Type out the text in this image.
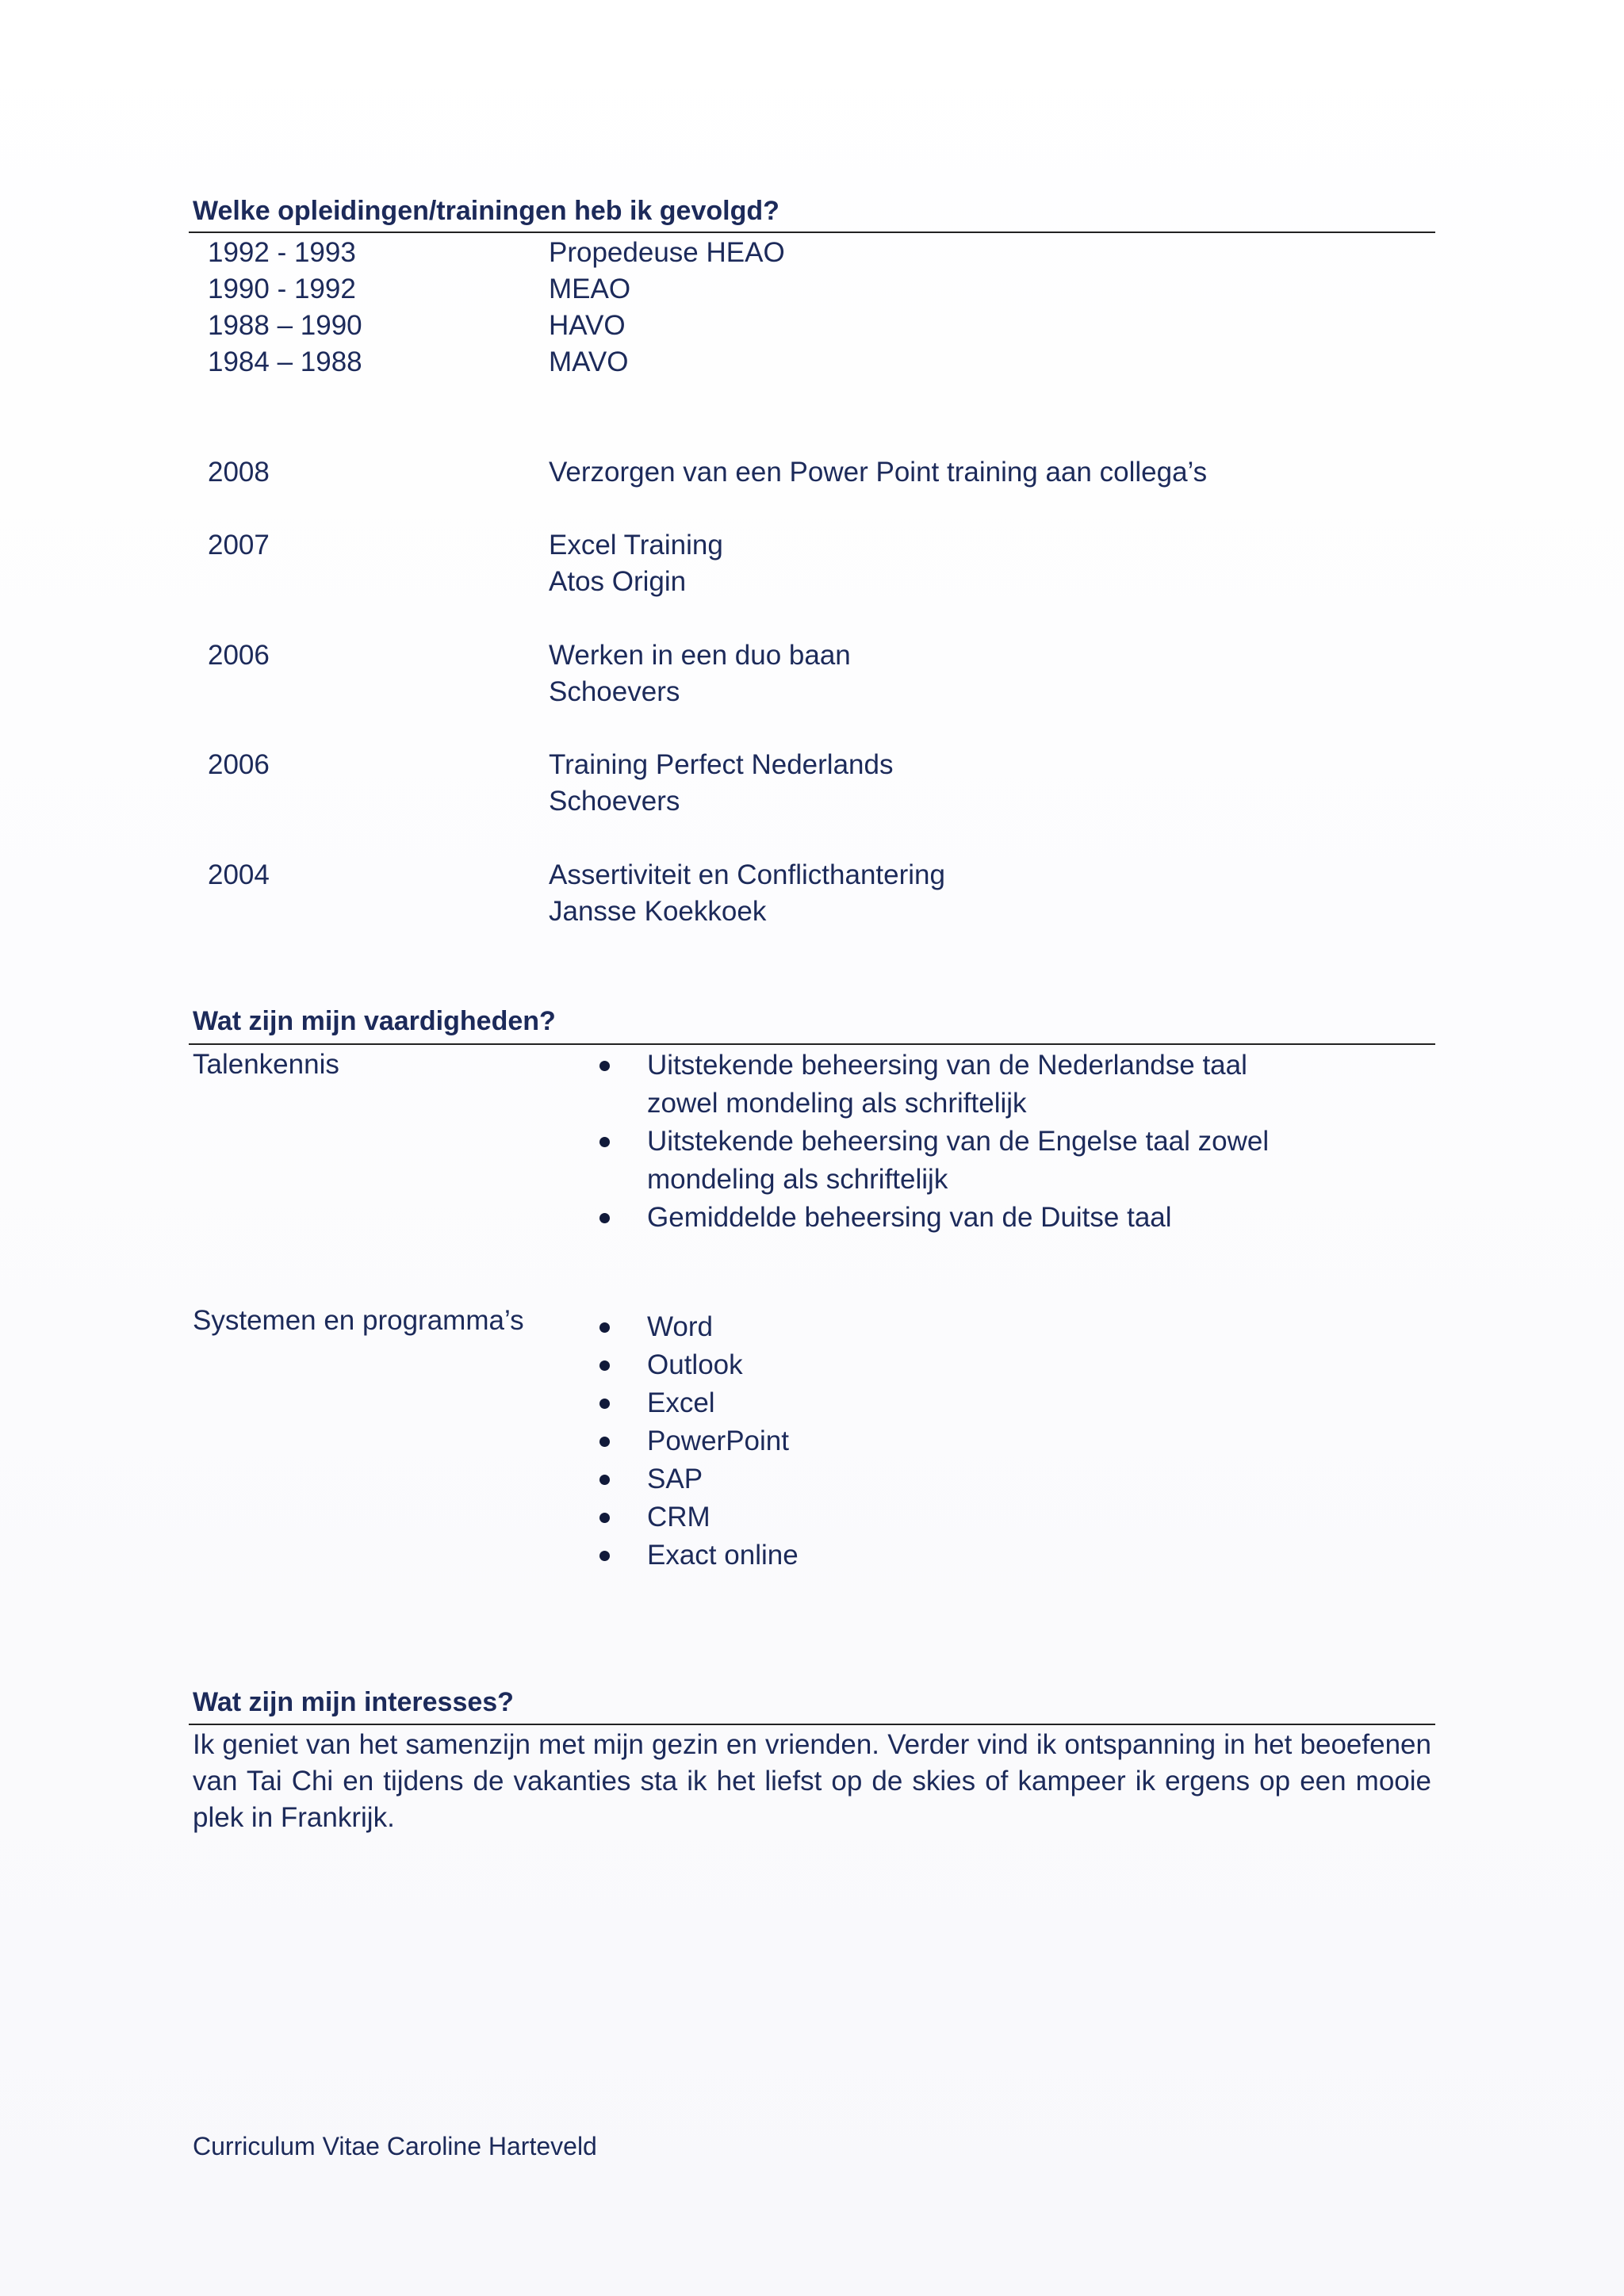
Welke opleidingen/trainingen heb ik gevolgd?
1992 - 1993	Propedeuse HEAO
1990 - 1992	MEAO
1988 – 1990	HAVO
1984 – 1988	MAVO
2008	Verzorgen van een Power Point training aan collega’s
2007	Excel Training
Atos Origin
2006	Werken in een duo baan
Schoevers
2006	Training Perfect Nederlands
Schoevers
2004	Assertiviteit en Conflicthantering
Jansse Koekkoek
Wat zijn mijn vaardigheden?
Talenkennis	Uitstekende beheersing van de Nederlandse taal
zowel mondeling als schriftelijk
Uitstekende beheersing van de Engelse taal zowel
mondeling als schriftelijk
Gemiddelde beheersing van de Duitse taal
Systemen en programma’s	Word
Outlook
Excel
PowerPoint
SAP
CRM
Exact online
Wat zijn mijn interesses?
Ik geniet van het samenzijn met mijn gezin en vrienden. Verder vind ik ontspanning in het beoefenen van Tai Chi en tijdens de vakanties sta ik het liefst op de skies of kampeer ik ergens op een mooie plek in Frankrijk.
Curriculum Vitae Caroline Harteveld
